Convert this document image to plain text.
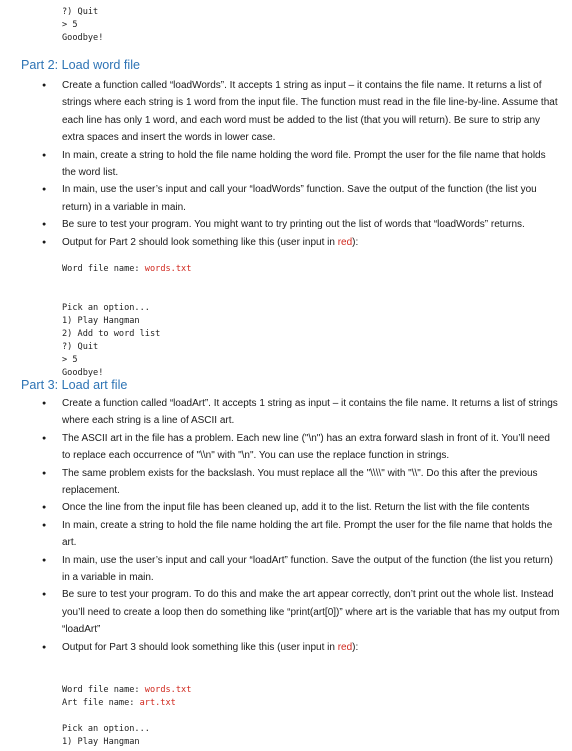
?) Quit
> 5
Goodbye!
Part 2: Load word file
● Create a function called “loadWords”. It accepts 1 string as input – it contains the file name. It returns a list of strings where each string is 1 word from the input file. The function must read in the file line-by-line. Assume that each line has only 1 word, and each word must be added to the list (that you will return). Be sure to strip any extra spaces and insert the words in lower case.
● In main, create a string to hold the file name holding the word file. Prompt the user for the file name that holds the word list.
● In main, use the user’s input and call your “loadWords” function. Save the output of the function (the list you return) in a variable in main.
● Be sure to test your program. You might want to try printing out the list of words that “loadWords” returns.
● Output for Part 2 should look something like this (user input in red):
Word file name: words.txt
Pick an option...
1) Play Hangman
2) Add to word list
?) Quit
> 5
Goodbye!
Part 3: Load art file
● Create a function called “loadArt”. It accepts 1 string as input – it contains the file name. It returns a list of strings where each string is a line of ASCII art.
● The ASCII art in the file has a problem. Each new line ("\n") has an extra forward slash in front of it. You’ll need to replace each occurrence of "\\n" with "\n". You can use the replace function in strings.
● The same problem exists for the backslash. You must replace all the "\\\\" with "\\". Do this after the previous replacement.
● Once the line from the input file has been cleaned up, add it to the list. Return the list with the file contents
● In main, create a string to hold the file name holding the art file. Prompt the user for the file name that holds the art.
● In main, use the user’s input and call your “loadArt” function. Save the output of the function (the list you return) in a variable in main.
● Be sure to test your program. To do this and make the art appear correctly, don’t print out the whole list. Instead you’ll need to create a loop then do something like “print(art[0])” where art is the variable that has my output from “loadArt”
● Output for Part 3 should look something like this (user input in red):
Word file name: words.txt
Art file name: art.txt
Pick an option...
1) Play Hangman
